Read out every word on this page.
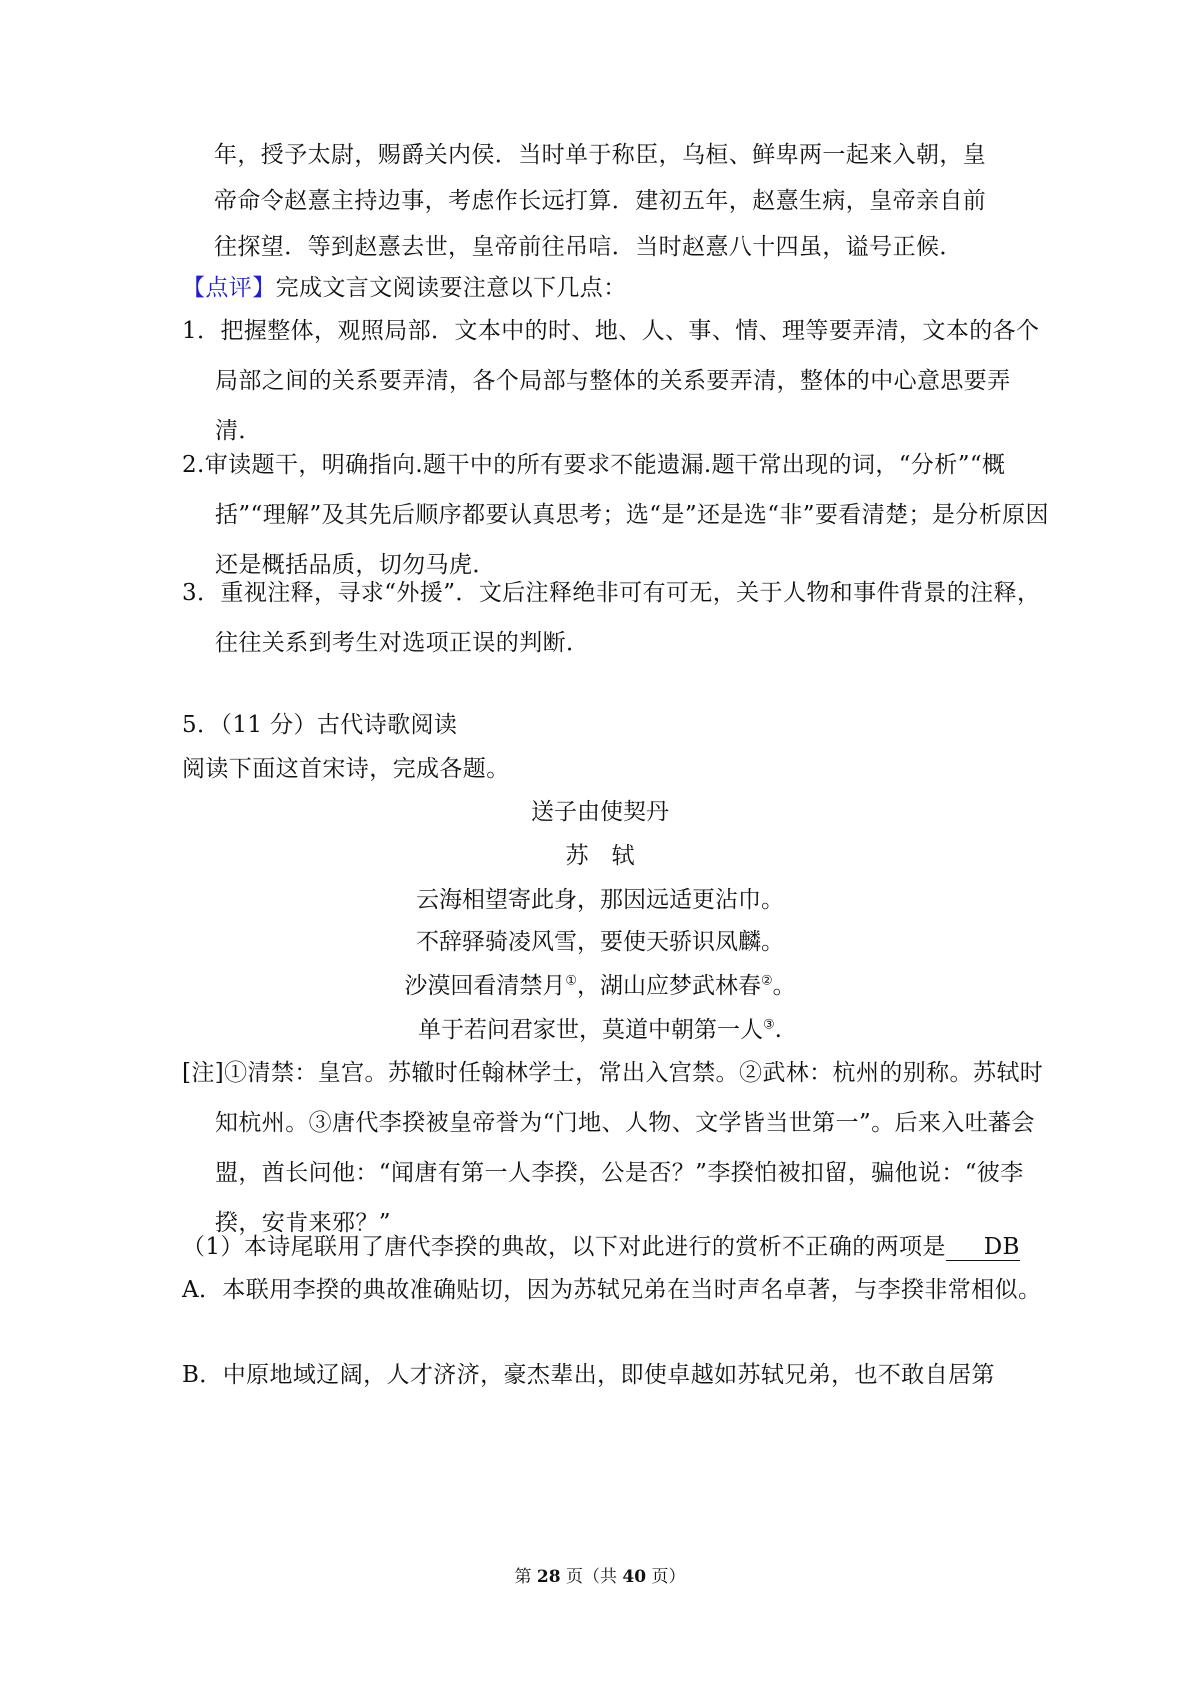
年，授予太尉，赐爵关内侯．当时单于称臣，乌桓、鲜卑两一起来入朝，皇
帝命令赵憙主持边事，考虑作长远打算．建初五年，赵憙生病，皇帝亲自前
往探望．等到赵憙去世，皇帝前往吊唁．当时赵憙八十四虽，谥号正候．
【点评】完成文言文阅读要注意以下几点：
1．把握整体，观照局部．文本中的时、地、人、事、情、理等要弄清，文本的各个局部之间的关系要弄清，各个局部与整体的关系要弄清，整体的中心意思要弄清．
2.审读题干，明确指向.题干中的所有要求不能遗漏.题干常出现的词，“分析”“概括”“理解”及其先后顺序都要认真思考；选“是”还是选“非”要看清楚；是分析原因还是概括品质，切勿马虎．
3．重视注释，寻求“外援”．文后注释绝非可有可无，关于人物和事件背景的注释，往往关系到考生对选项正误的判断．
5．（11 分）古代诗歌阅读
阅读下面这首宋诗，完成各题。
送子由使契丹
苏　轼
云海相望寄此身，那因远适更沾巾。
不辞驿骑凌风雪，要使天骄识凤麟。
沙漠回看清禁月①，湖山应梦武林春②。
单于若问君家世，莫道中朝第一人③.
[注]①清禁：皇宫。苏辙时任翰林学士，常出入宫禁。②武林：杭州的别称。苏轼时知杭州。③唐代李揆被皇帝誉为“门地、人物、文学皆当世第一”。后来入吐蕃会盟，酋长问他：“闻唐有第一人李揆，公是否？”李揆怕被扣留，骗他说：“彼李揆，安肯来邪？”
（1）本诗尾联用了唐代李揆的典故，以下对此进行的赏析不正确的两项是 DB
A．本联用李揆的典故准确贴切，因为苏轼兄弟在当时声名卓著，与李揆非常相似。
B．中原地域辽阔，人才济济，豪杰辈出，即使卓越如苏轼兄弟，也不敢自居第
第 28 页（共 40 页）
